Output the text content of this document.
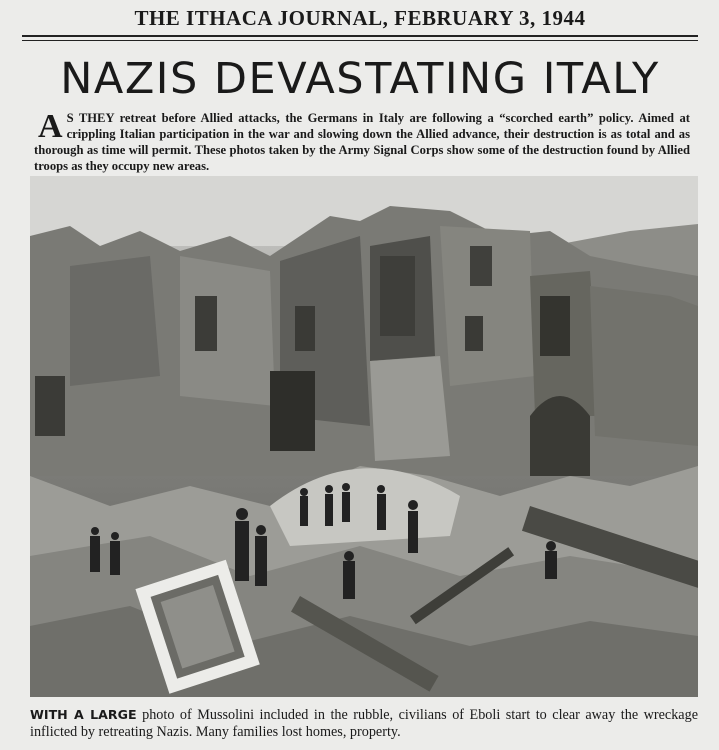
THE ITHACA JOURNAL, FEBRUARY 3, 1944
NAZIS DEVASTATING ITALY
A S THEY retreat before Allied attacks, the Germans in Italy are following a “scorched earth” policy. Aimed at crippling Italian participation in the war and slowing down the Allied advance, their destruction is as total and as thorough as time will permit. These photos taken by the Army Signal Corps show some of the destruction found by Allied troops as they occupy new areas.
WITH A LARGE photo of Mussolini included in the rubble, civilians of Eboli start to clear away the wreckage inflicted by retreating Nazis. Many families lost homes, property.
